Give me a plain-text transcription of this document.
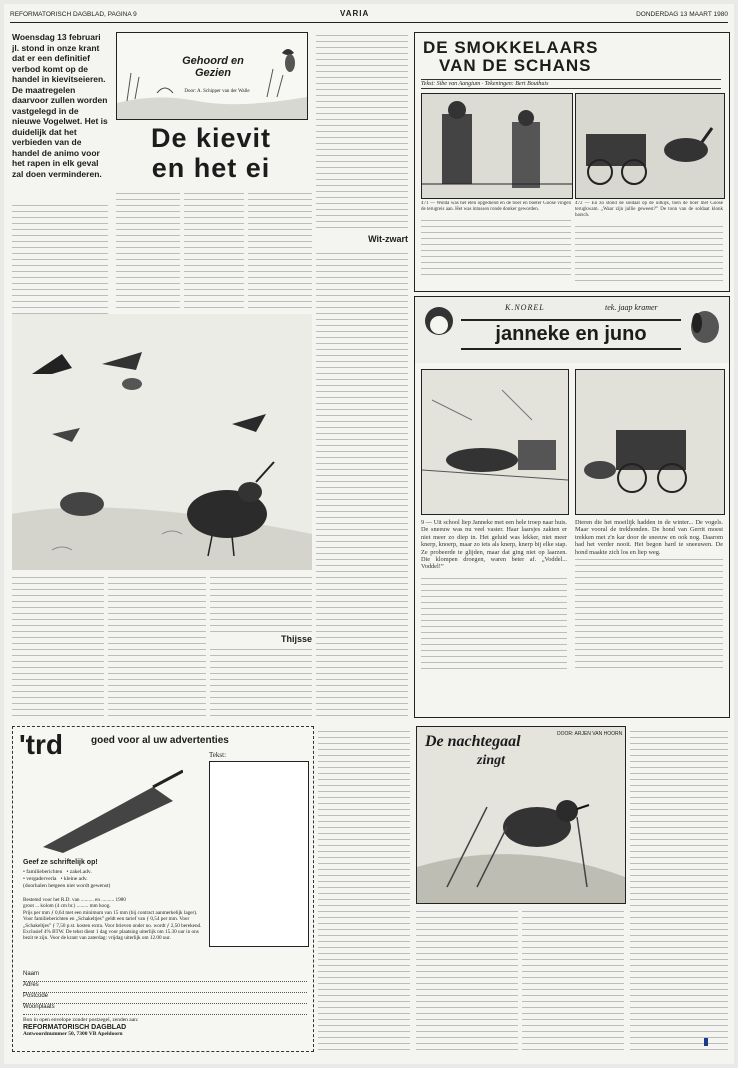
REFORMATORISCH DAGBLAD, PAGINA 9	VARIA	DONDERDAG 13 MAART 1980
Woensdag 13 februari jl. stond in onze krant dat er een definitief verbod komt op de handel in kievitseieren. De maatregelen daarvoor zullen worden vastgelegd in de nieuwe Vogelwet. Het is duidelijk dat het verbieden van de handel de animo voor het rapen in elk geval zal doen verminderen.
Gehoord en Gezien
Door: A. Schipper van der Walle
De kievit
en het ei
Wit-zwart
Thijsse
DE SMOKKELAARS
VAN DE SCHANS
Tekst: Sibe van Aangium · Tekeningen: Bert Bouthuis
471 — Wolda was het eten opgediend en de boer en boeter Goose vingen de terugreis aan. Het was intussen ronde donker geworden.
472 — En zo stond de soldaat op de uitkijk, toen de boer met Goose terugkwam. „Waar zijn jullie geweest?” De toon van de soldaat klonk barsch.
K.NOREL	tek. jaap kramer
janneke en juno
9 — Uit school liep Janneke met een hele troep naar huis. De sneeuw was nu veel vaster. Haar laarsjes zakten er niet meer zo diep in. Het geluid was lekker, niet meer knerp, knoerp, maar zo iets als knerp, knerp bij elke stap. Ze probeerde te glijden, maar dat ging niet op laarzen. Die klompen droegen, waren beter af. „Voddel... Voddel!”
Dieren die het moeilijk hadden in de winter... De vogels. Maar vooral de trekhonden. De hond van Gerrit moest trekken met z'n kar door de sneeuw en ook nog. Daarom had het verder nooit. Het begon hard te sneeuwen. De hond maakte zich los en liep weg.
'trd	goed voor al uw advertenties
Tekst:
Geef ze schriftelijk op!
• familieberichten • zakel.adv.
• vergaderverla • kleine adv.
(doorhalen hetgeen niet wordt gewenst)
Bestemd voor het R.D. van .......... en .......... 1980
groot ... kolom (4 cm br.) ......... mm hoog.
Prijs per mm ƒ 0,64 met een minimum van 15 mm (bij contract aanmerkelijk lager). Voor familieberichten en „Schakeltjes” geldt een tarief van ƒ 0,54 per mm. Voor „Schakeltjes” ƒ 7,50 p.st. kosten extra. Voor brieven onder no. wordt ƒ 2,50 berekend. Exclusief 4% BTW. De tekst dient 1 dag voor plaatsing uiterlijk om 15.30 uur in ons bezit te zijn. Voor de krant van zaterdag: vrijdag uiterlijk om 12.00 uur.
Naam
Adres
Postcode
Woonplaats
Bon in open envelope zonder postzegel, zenden aan:
REFORMATORISCH DAGBLAD
Antwoordnummer 50, 7300 VB Apeldoorn
De nachtegaal
zingt
DOOR: ARJEN VAN HOORN
